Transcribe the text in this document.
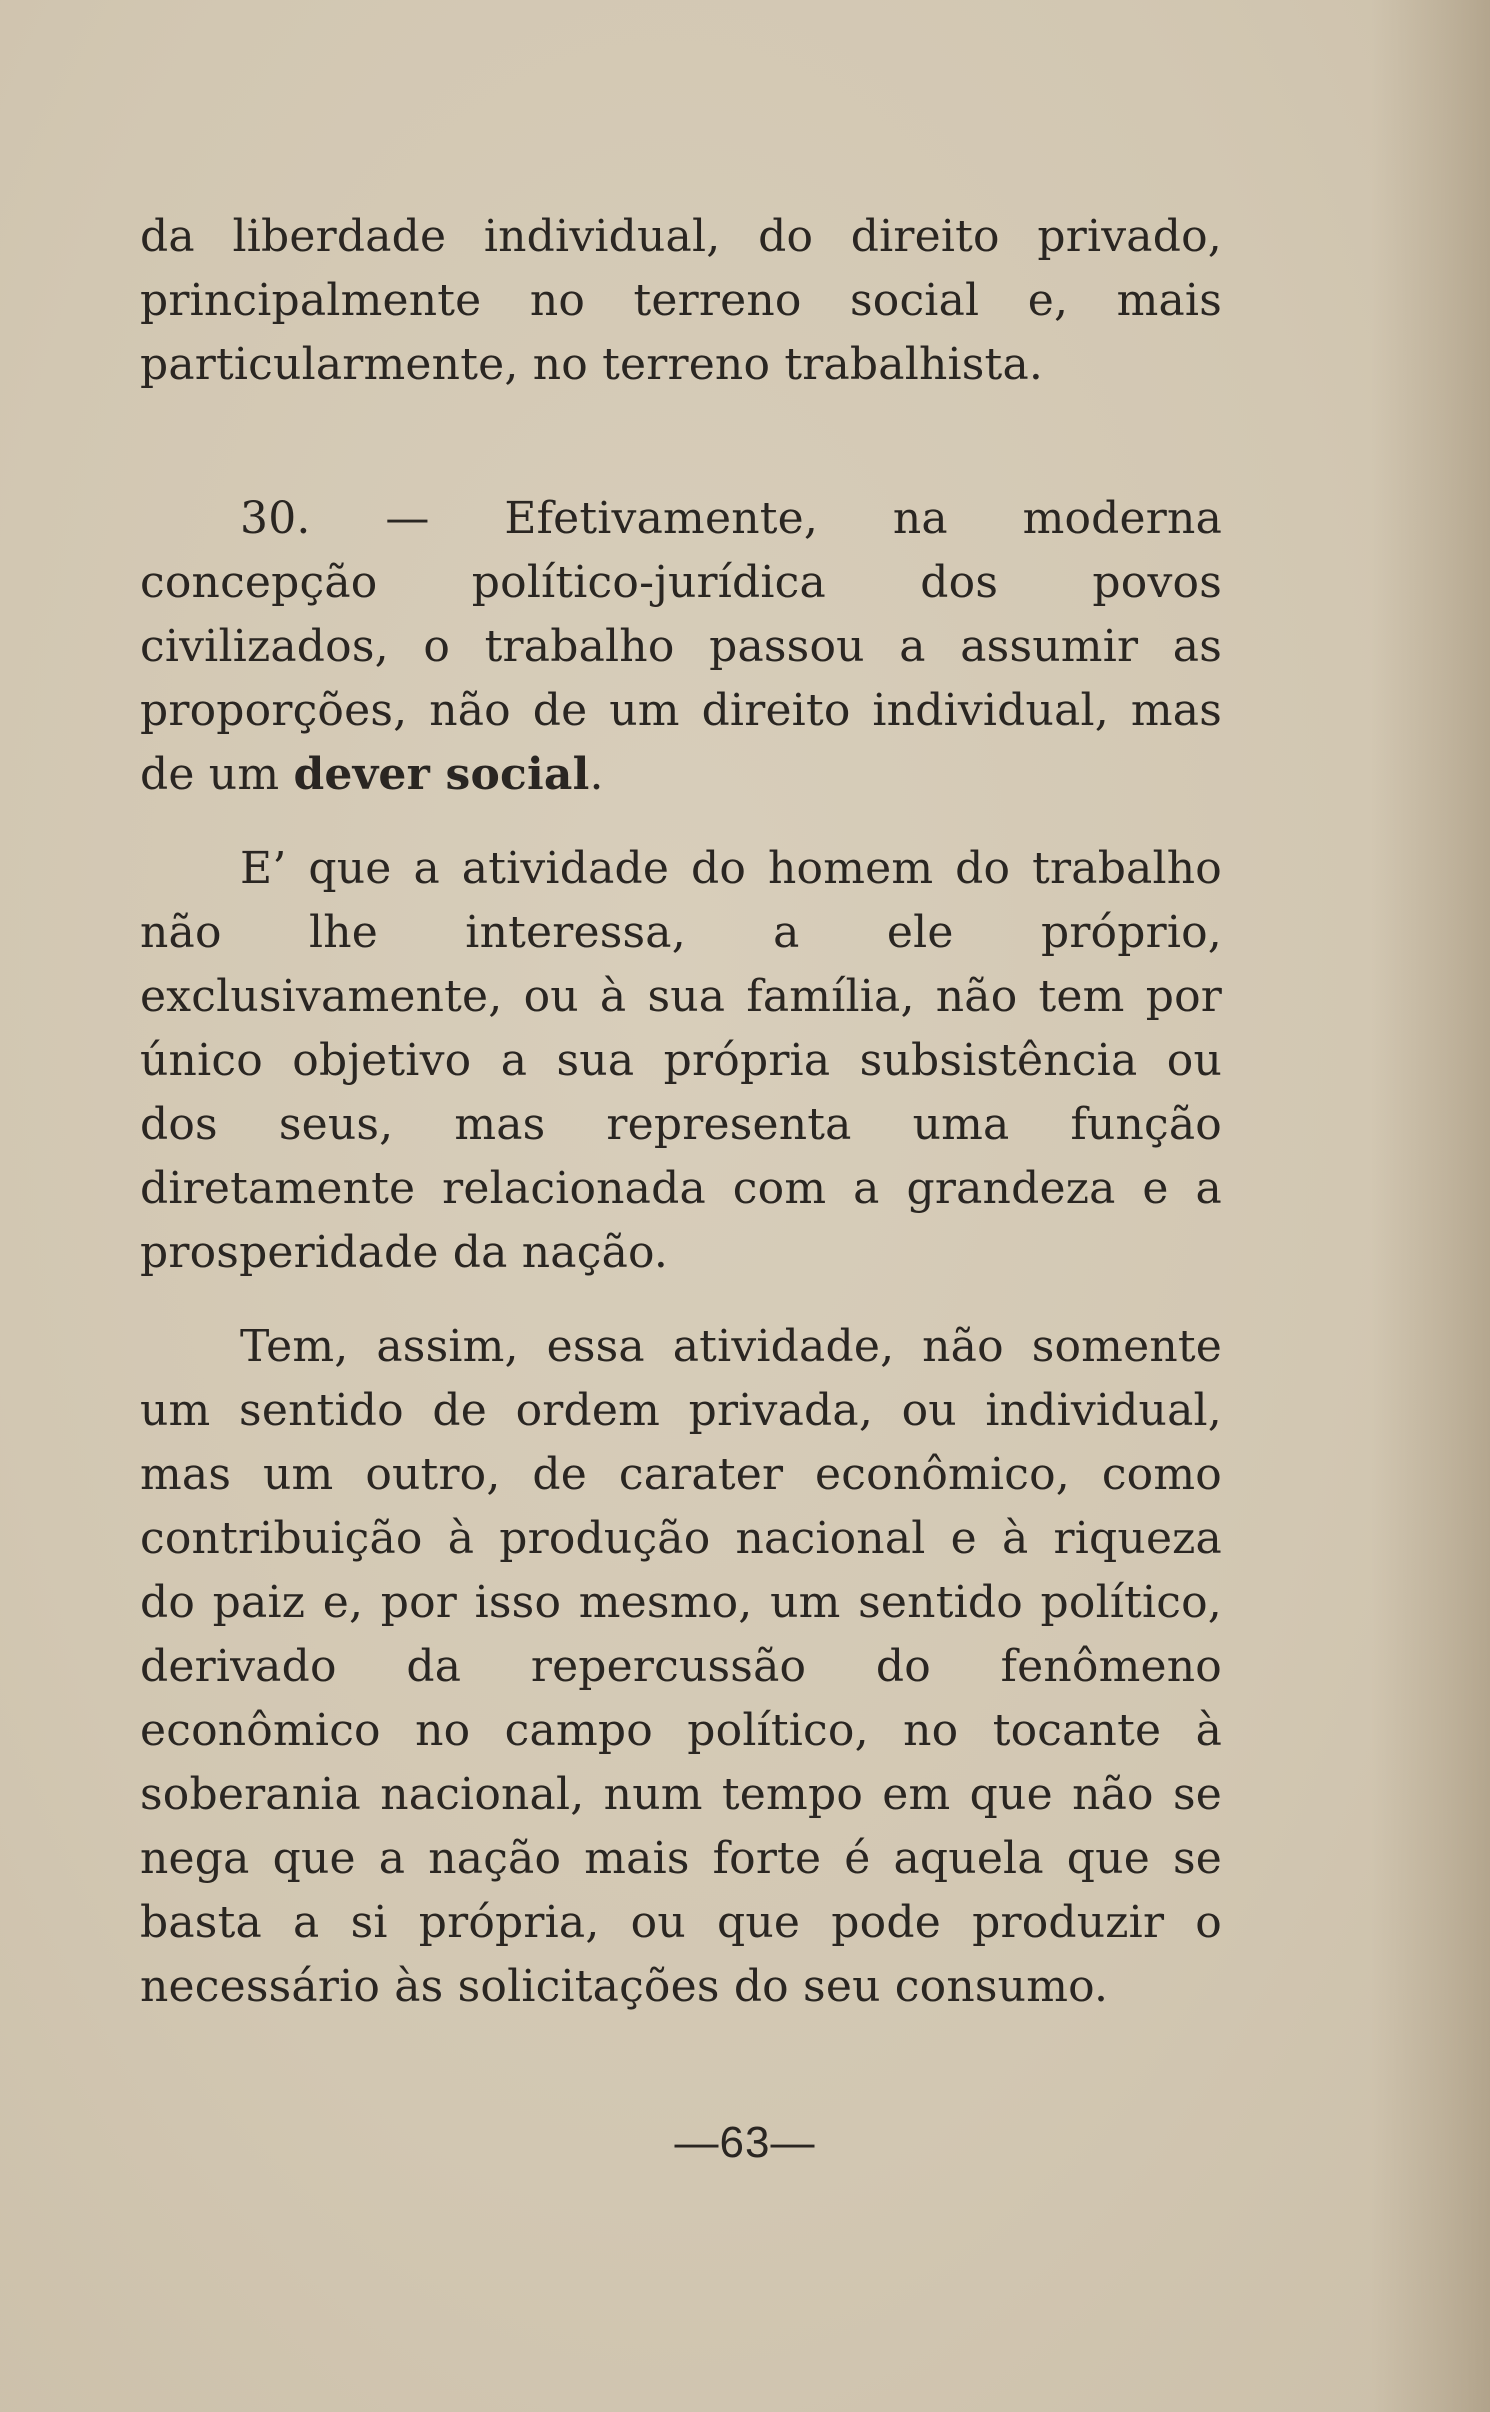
da liberdade individual, do direito privado, principalmente no terreno social e, mais particularmente, no terreno trabalhista.

30. — Efetivamente, na moderna concepção político-jurídica dos povos civilizados, o trabalho passou a assumir as proporções, não de um direito individual, mas de um dever social.

E’ que a atividade do homem do trabalho não lhe interessa, a ele próprio, exclusivamente, ou à sua família, não tem por único objetivo a sua própria subsistência ou dos seus, mas representa uma função diretamente relacionada com a grandeza e a prosperidade da nação.

Tem, assim, essa atividade, não somente um sentido de ordem privada, ou individual, mas um outro, de carater econômico, como contribuição à produção nacional e à riqueza do paiz e, por isso mesmo, um sentido político, derivado da repercussão do fenômeno econômico no campo político, no tocante à soberania nacional, num tempo em que não se nega que a nação mais forte é aquela que se basta a si própria, ou que pode produzir o necessário às solicitações do seu consumo.

—63—
